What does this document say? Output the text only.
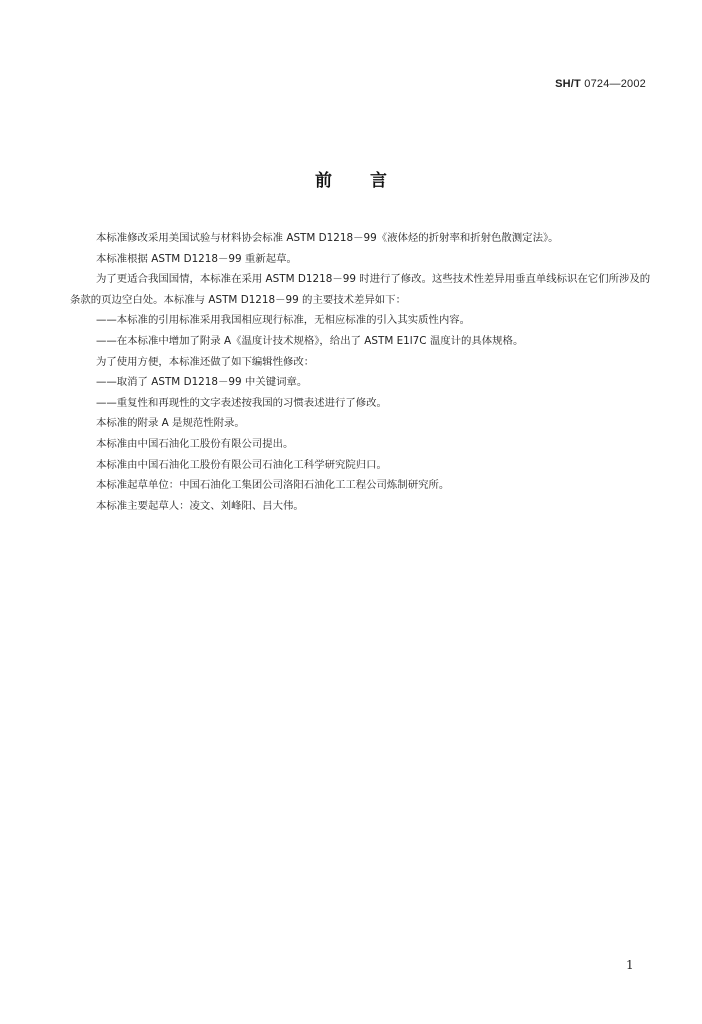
SH/T 0724—2002
前言

本标准修改采用美国试验与材料协会标准 ASTM D1218－99《液体烃的折射率和折射色散测定法》。

本标准根据 ASTM D1218－99 重新起草。

为了更适合我国国情，本标准在采用 ASTM D1218－99 时进行了修改。这些技术性差异用垂直单线标识在它们所涉及的条款的页边空白处。本标准与 ASTM D1218－99 的主要技术差异如下：

——本标准的引用标准采用我国相应现行标准，无相应标准的引入其实质性内容。

——在本标准中增加了附录 A《温度计技术规格》，给出了 ASTM E1l7C 温度计的具体规格。

为了使用方便，本标准还做了如下编辑性修改：

——取消了 ASTM D1218－99 中关键词章。

——重复性和再现性的文字表述按我国的习惯表述进行了修改。

本标准的附录 A 是规范性附录。

本标准由中国石油化工股份有限公司提出。

本标准由中国石油化工股份有限公司石油化工科学研究院归口。

本标准起草单位：中国石油化工集团公司洛阳石油化工工程公司炼制研究所。

本标准主要起草人：凌文、刘峰阳、吕大伟。

1
